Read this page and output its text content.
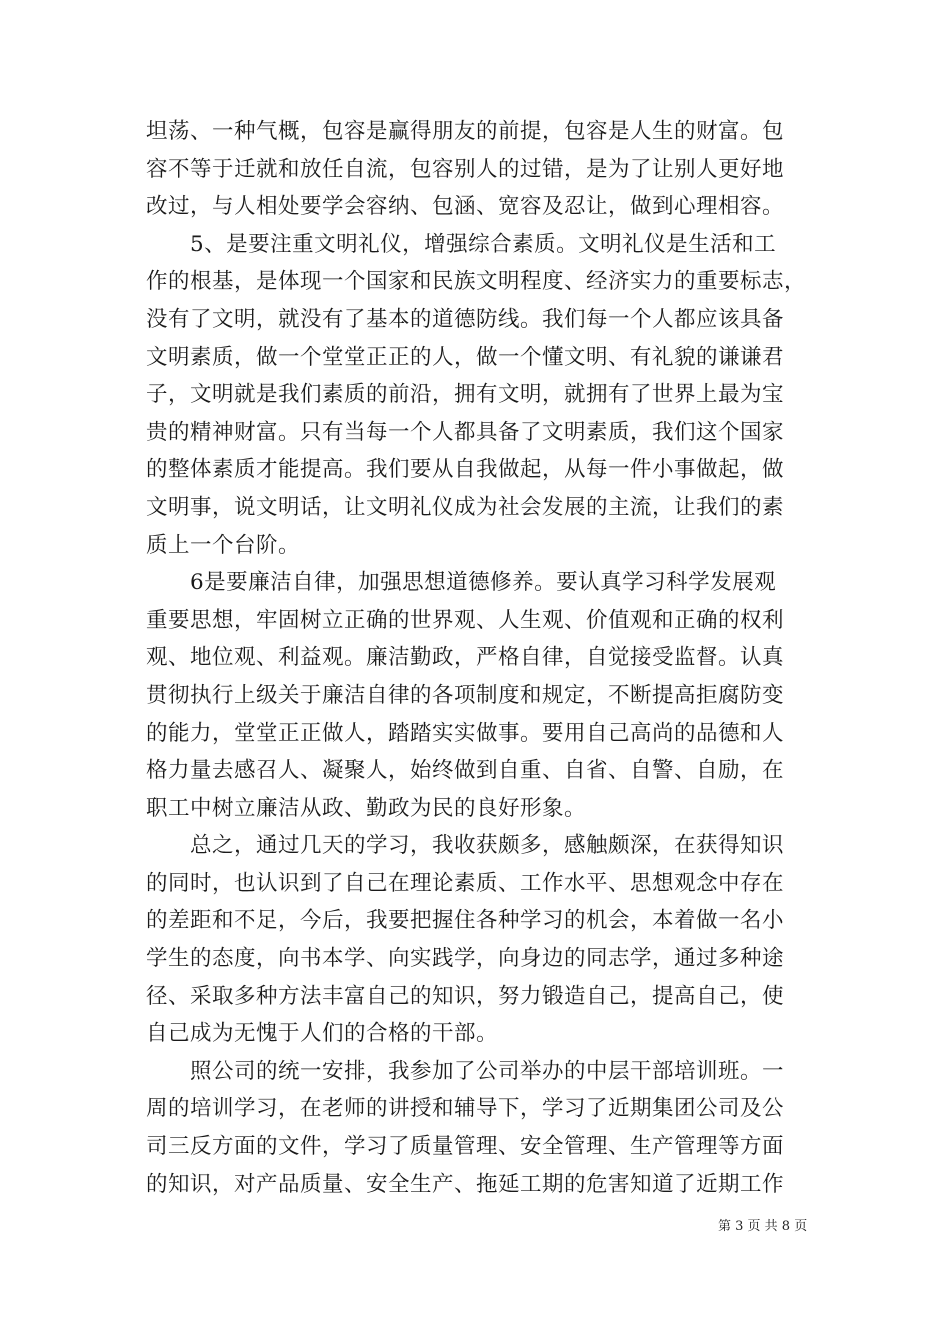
坦荡、一种气概，包容是赢得朋友的前提，包容是人生的财富。包
容不等于迁就和放任自流，包容别人的过错，是为了让别人更好地
改过，与人相处要学会容纳、包涵、宽容及忍让，做到心理相容。
5、是要注重文明礼仪，增强综合素质。文明礼仪是生活和工
作的根基，是体现一个国家和民族文明程度、经济实力的重要标志，
没有了文明，就没有了基本的道德防线。我们每一个人都应该具备
文明素质，做一个堂堂正正的人，做一个懂文明、有礼貌的谦谦君
子，文明就是我们素质的前沿，拥有文明，就拥有了世界上最为宝
贵的精神财富。只有当每一个人都具备了文明素质，我们这个国家
的整体素质才能提高。我们要从自我做起，从每一件小事做起，做
文明事，说文明话，让文明礼仪成为社会发展的主流，让我们的素
质上一个台阶。
6是要廉洁自律，加强思想道德修养。要认真学习科学发展观
重要思想，牢固树立正确的世界观、人生观、价值观和正确的权利
观、地位观、利益观。廉洁勤政，严格自律，自觉接受监督。认真
贯彻执行上级关于廉洁自律的各项制度和规定，不断提高拒腐防变
的能力，堂堂正正做人，踏踏实实做事。要用自己高尚的品德和人
格力量去感召人、凝聚人，始终做到自重、自省、自警、自励，在
职工中树立廉洁从政、勤政为民的良好形象。
总之，通过几天的学习，我收获颇多，感触颇深，在获得知识
的同时，也认识到了自己在理论素质、工作水平、思想观念中存在
的差距和不足，今后，我要把握住各种学习的机会，本着做一名小
学生的态度，向书本学、向实践学，向身边的同志学，通过多种途
径、采取多种方法丰富自己的知识，努力锻造自己，提高自己，使
自己成为无愧于人们的合格的干部。
照公司的统一安排，我参加了公司举办的中层干部培训班。一
周的培训学习，在老师的讲授和辅导下，学习了近期集团公司及公
司三反方面的文件，学习了质量管理、安全管理、生产管理等方面
的知识，对产品质量、安全生产、拖延工期的危害知道了近期工作
第 3 页 共 8 页
